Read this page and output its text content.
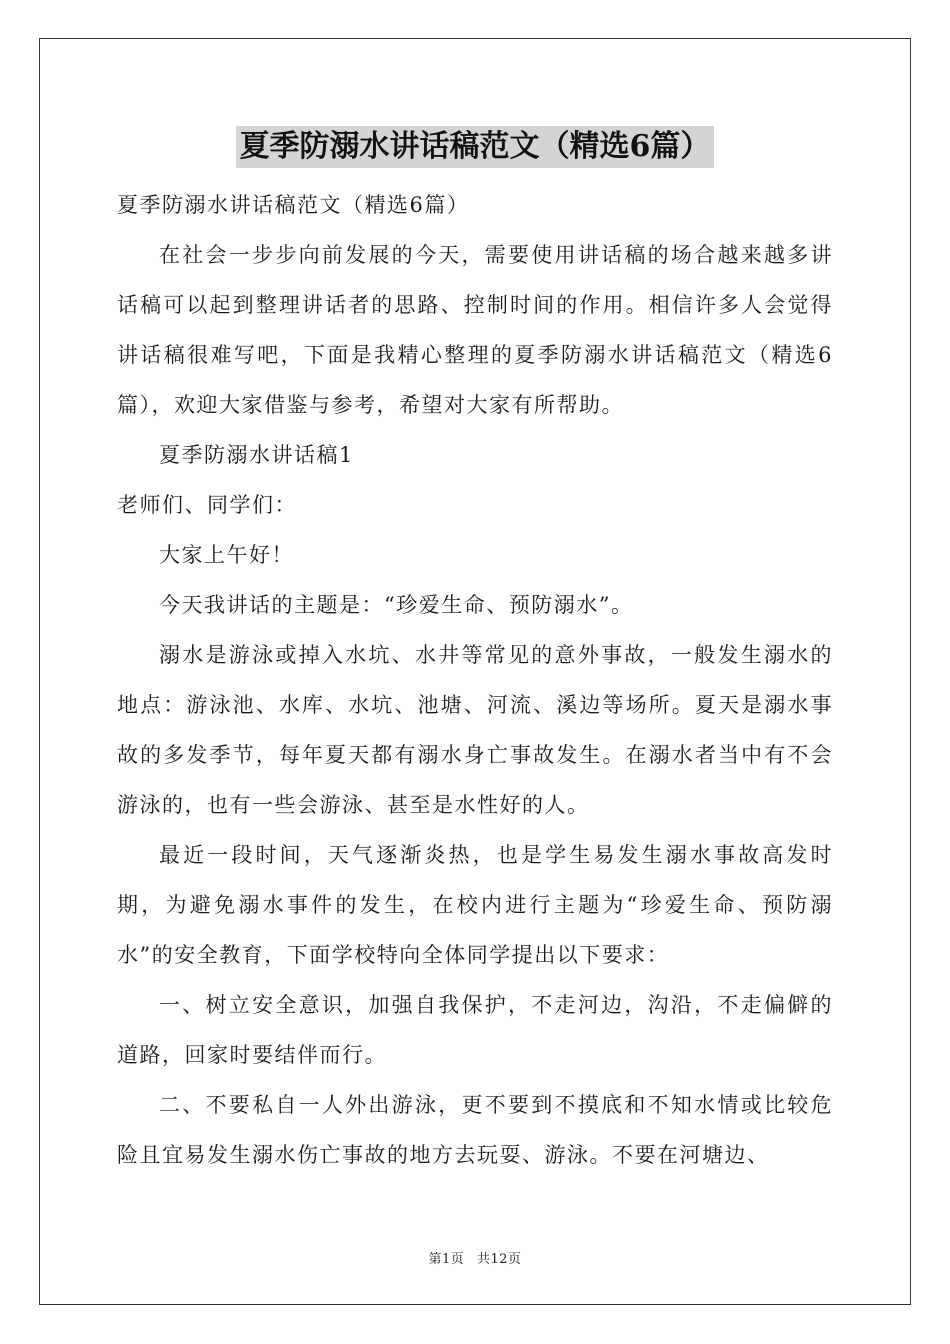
夏季防溺水讲话稿范文（精选6篇）

夏季防溺水讲话稿范文（精选6篇）

在社会一步步向前发展的今天，需要使用讲话稿的场合越来越多讲话稿可以起到整理讲话者的思路、控制时间的作用。相信许多人会觉得讲话稿很难写吧，下面是我精心整理的夏季防溺水讲话稿范文（精选6篇），欢迎大家借鉴与参考，希望对大家有所帮助。

夏季防溺水讲话稿1

老师们、同学们：

大家上午好！

今天我讲话的主题是：“珍爱生命、预防溺水”。

溺水是游泳或掉入水坑、水井等常见的意外事故，一般发生溺水的地点：游泳池、水库、水坑、池塘、河流、溪边等场所。夏天是溺水事故的多发季节，每年夏天都有溺水身亡事故发生。在溺水者当中有不会游泳的，也有一些会游泳、甚至是水性好的人。

最近一段时间，天气逐渐炎热，也是学生易发生溺水事故高发时期，为避免溺水事件的发生，在校内进行主题为“珍爱生命、预防溺水”的安全教育，下面学校特向全体同学提出以下要求：

一、树立安全意识，加强自我保护，不走河边，沟沿，不走偏僻的道路，回家时要结伴而行。

二、不要私自一人外出游泳，更不要到不摸底和不知水情或比较危险且宜易发生溺水伤亡事故的地方去玩耍、游泳。不要在河塘边、

第1页 共12页
